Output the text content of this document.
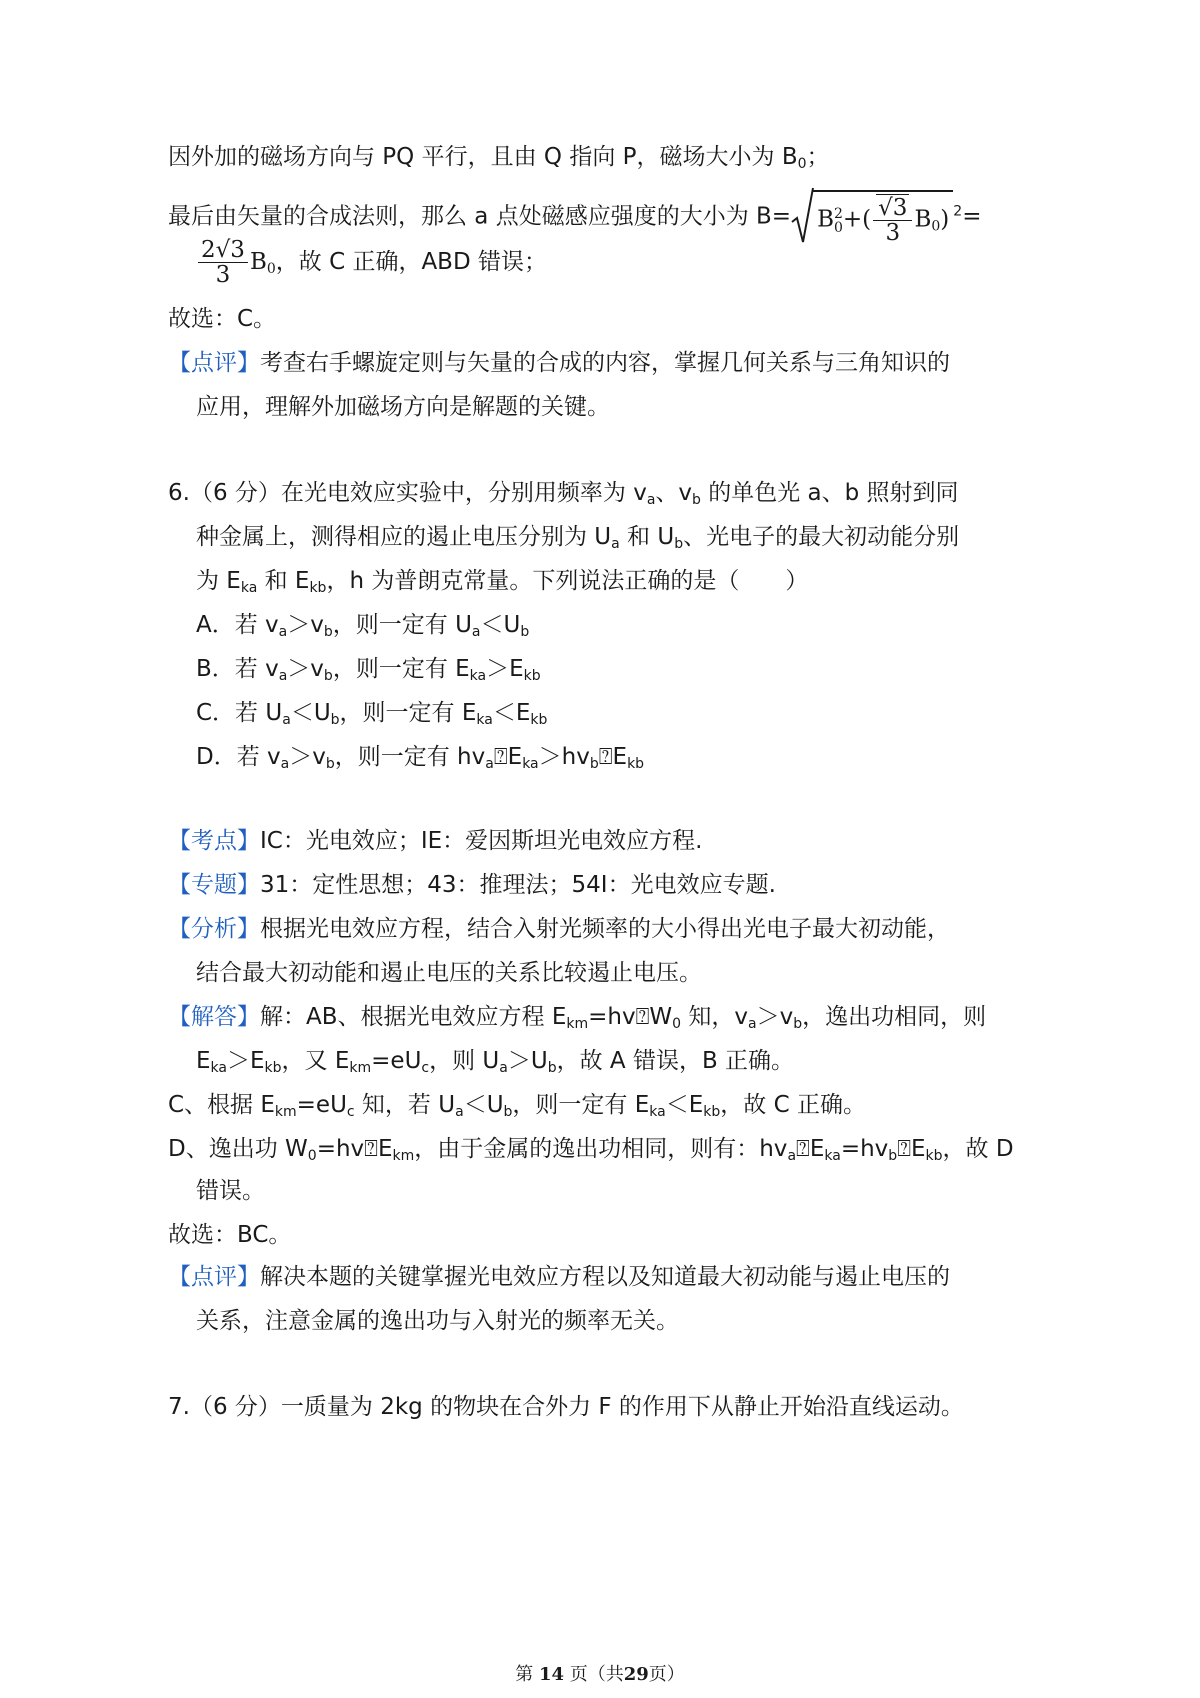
因外加的磁场方向与 PQ 平行，且由 Q 指向 P，磁场大小为 $B_0$；
最后由矢量的合成法则，那么 a 点处磁感应强度的大小为 B= B 2
0 +( $\frac{√3}{3} B_0$) $^2$=
$\frac{2√3}{3} B_0$，故 C 正确，ABD 错误；
故选：C。
【点评】考查右手螺旋定则与矢量的合成的内容，掌握几何关系与三角知识的
应用，理解外加磁场方向是解题的关键。
6.（6 分）在光电效应实验中，分别用频率为 $v_a$、$v_b$ 的单色光 a、b 照射到同
种金属上，测得相应的遏止电压分别为 $U_a$ 和 $U_b$、光电子的最大初动能分别
为 $E_{ka}$ 和 $E_{kb}$，h 为普朗克常量。下列说法正确的是（　　）
A．若 $v_a>v_b$，则一定有 $U_a<U_b$
B．若 $v_a>v_b$，则一定有 $E_{ka}>E_{kb}$
C．若 $U_a<U_b$，则一定有 $E_{ka}<E_{kb}$
D．若 $v_a>v_b$，则一定有 $hv_a⍰E_{ka}>hv_b⍰E_{kb}$
【考点】IC：光电效应；IE：爱因斯坦光电效应方程.
【专题】31：定性思想；43：推理法；54I：光电效应专题.
【分析】根据光电效应方程，结合入射光频率的大小得出光电子最大初动能，
结合最大初动能和遏止电压的关系比较遏止电压。
【解答】解：AB、根据光电效应方程 $E_{km}=hv⍰W_0$ 知，$v_a>v_b$，逸出功相同，则
$E_{ka}>E_{kb}$，又 $E_{km}=eU_c$，则 $U_a>U_b$，故 A 错误，B 正确。
C、根据 $E_{km}=eU_c$ 知，若 $U_a<U_b$，则一定有 $E_{ka}<E_{kb}$，故 C 正确。
D、逸出功 $W_0=hv⍰E_{km}$，由于金属的逸出功相同，则有：$hv_a⍰E_{ka}=hv_b⍰E_{kb}$，故 D
错误。
故选：BC。
【点评】解决本题的关键掌握光电效应方程以及知道最大初动能与遏止电压的
关系，注意金属的逸出功与入射光的频率无关。
7.（6 分）一质量为 2kg 的物块在合外力 F 的作用下从静止开始沿直线运动。
第 14 页（共29页）
